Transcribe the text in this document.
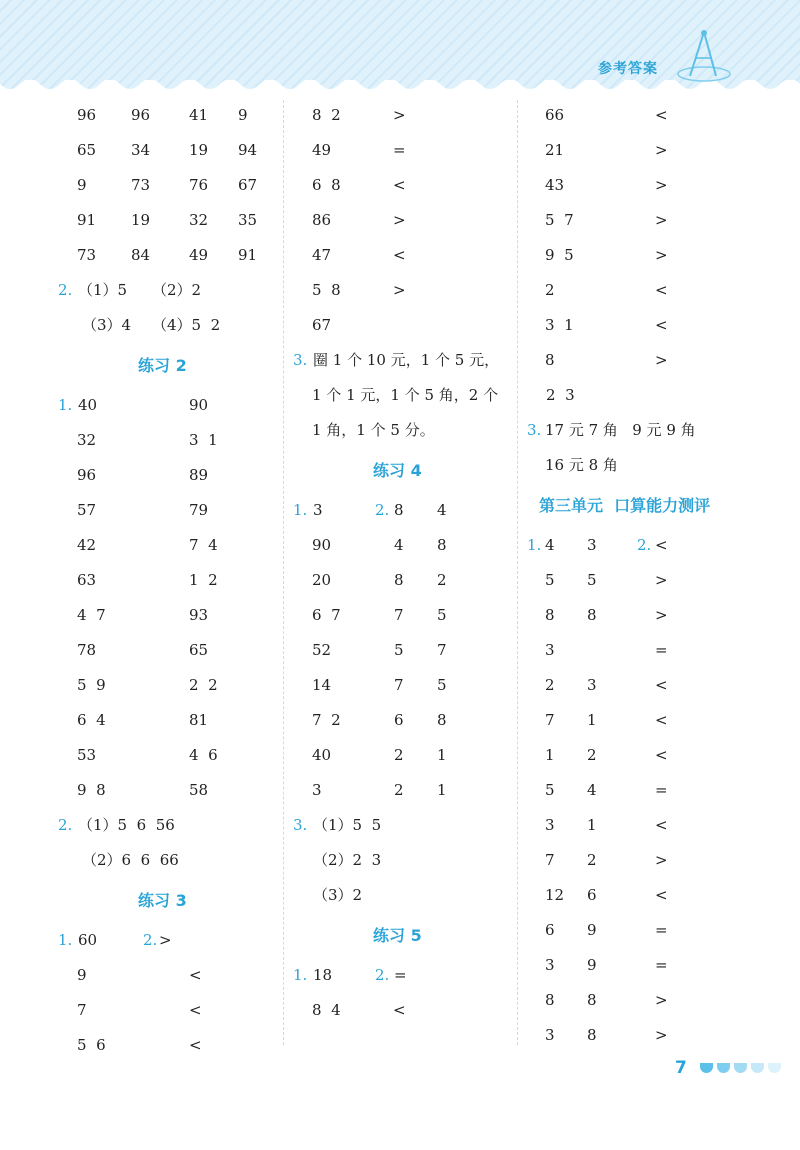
参考答案
96 96	41 9
65 34	19 94
9	73	76 67
91 19	32 35
73 84	49 91
2. （1）5 （2）2
（3）4 （4）5  2
练习 2
1. 40	90
32	3  1
96	89
57	79
42	7  4
63	1  2
4  7	93
78	65
5  9	2  2
6  4	81
53	4  6
9  8	58
2. （1）5  6  56
（2）6  6  66
练习 3
1. 60	2. >
9	<
7	<
5  6	<
8  2	>
49	=
6  8	<
86	>
47	<
5  8	>
67
3. 圈 1 个 10 元，1 个 5 元，
1 个 1 元，1 个 5 角，2 个
1 角，1 个 5 分。
练习 4
1. 3	2. 8 4
90	4 8
20	8 2
6  7	7 5
52	5 7
14	7 5
7  2	6 8
40	2 1
3	2 1
3. （1）5  5
（2）2  3
（3）2
练习 5
1. 18	2. =
8  4	<
66	<
21	>
43	>
5  7	>
9  5	>
2	<
3  1	<
8	>
2  3
3. 17 元 7 角   9 元 9 角
16 元 8 角
第三单元  口算能力测评
1. 4 3	2. <
5 5	>
8 8	>
3	=
2 3	<
7 1	<
1 2	<
5 4	=
3 1	<
7 2	>
12 6	<
6 9	=
3 9	=
8 8	>
3 8	>
7
